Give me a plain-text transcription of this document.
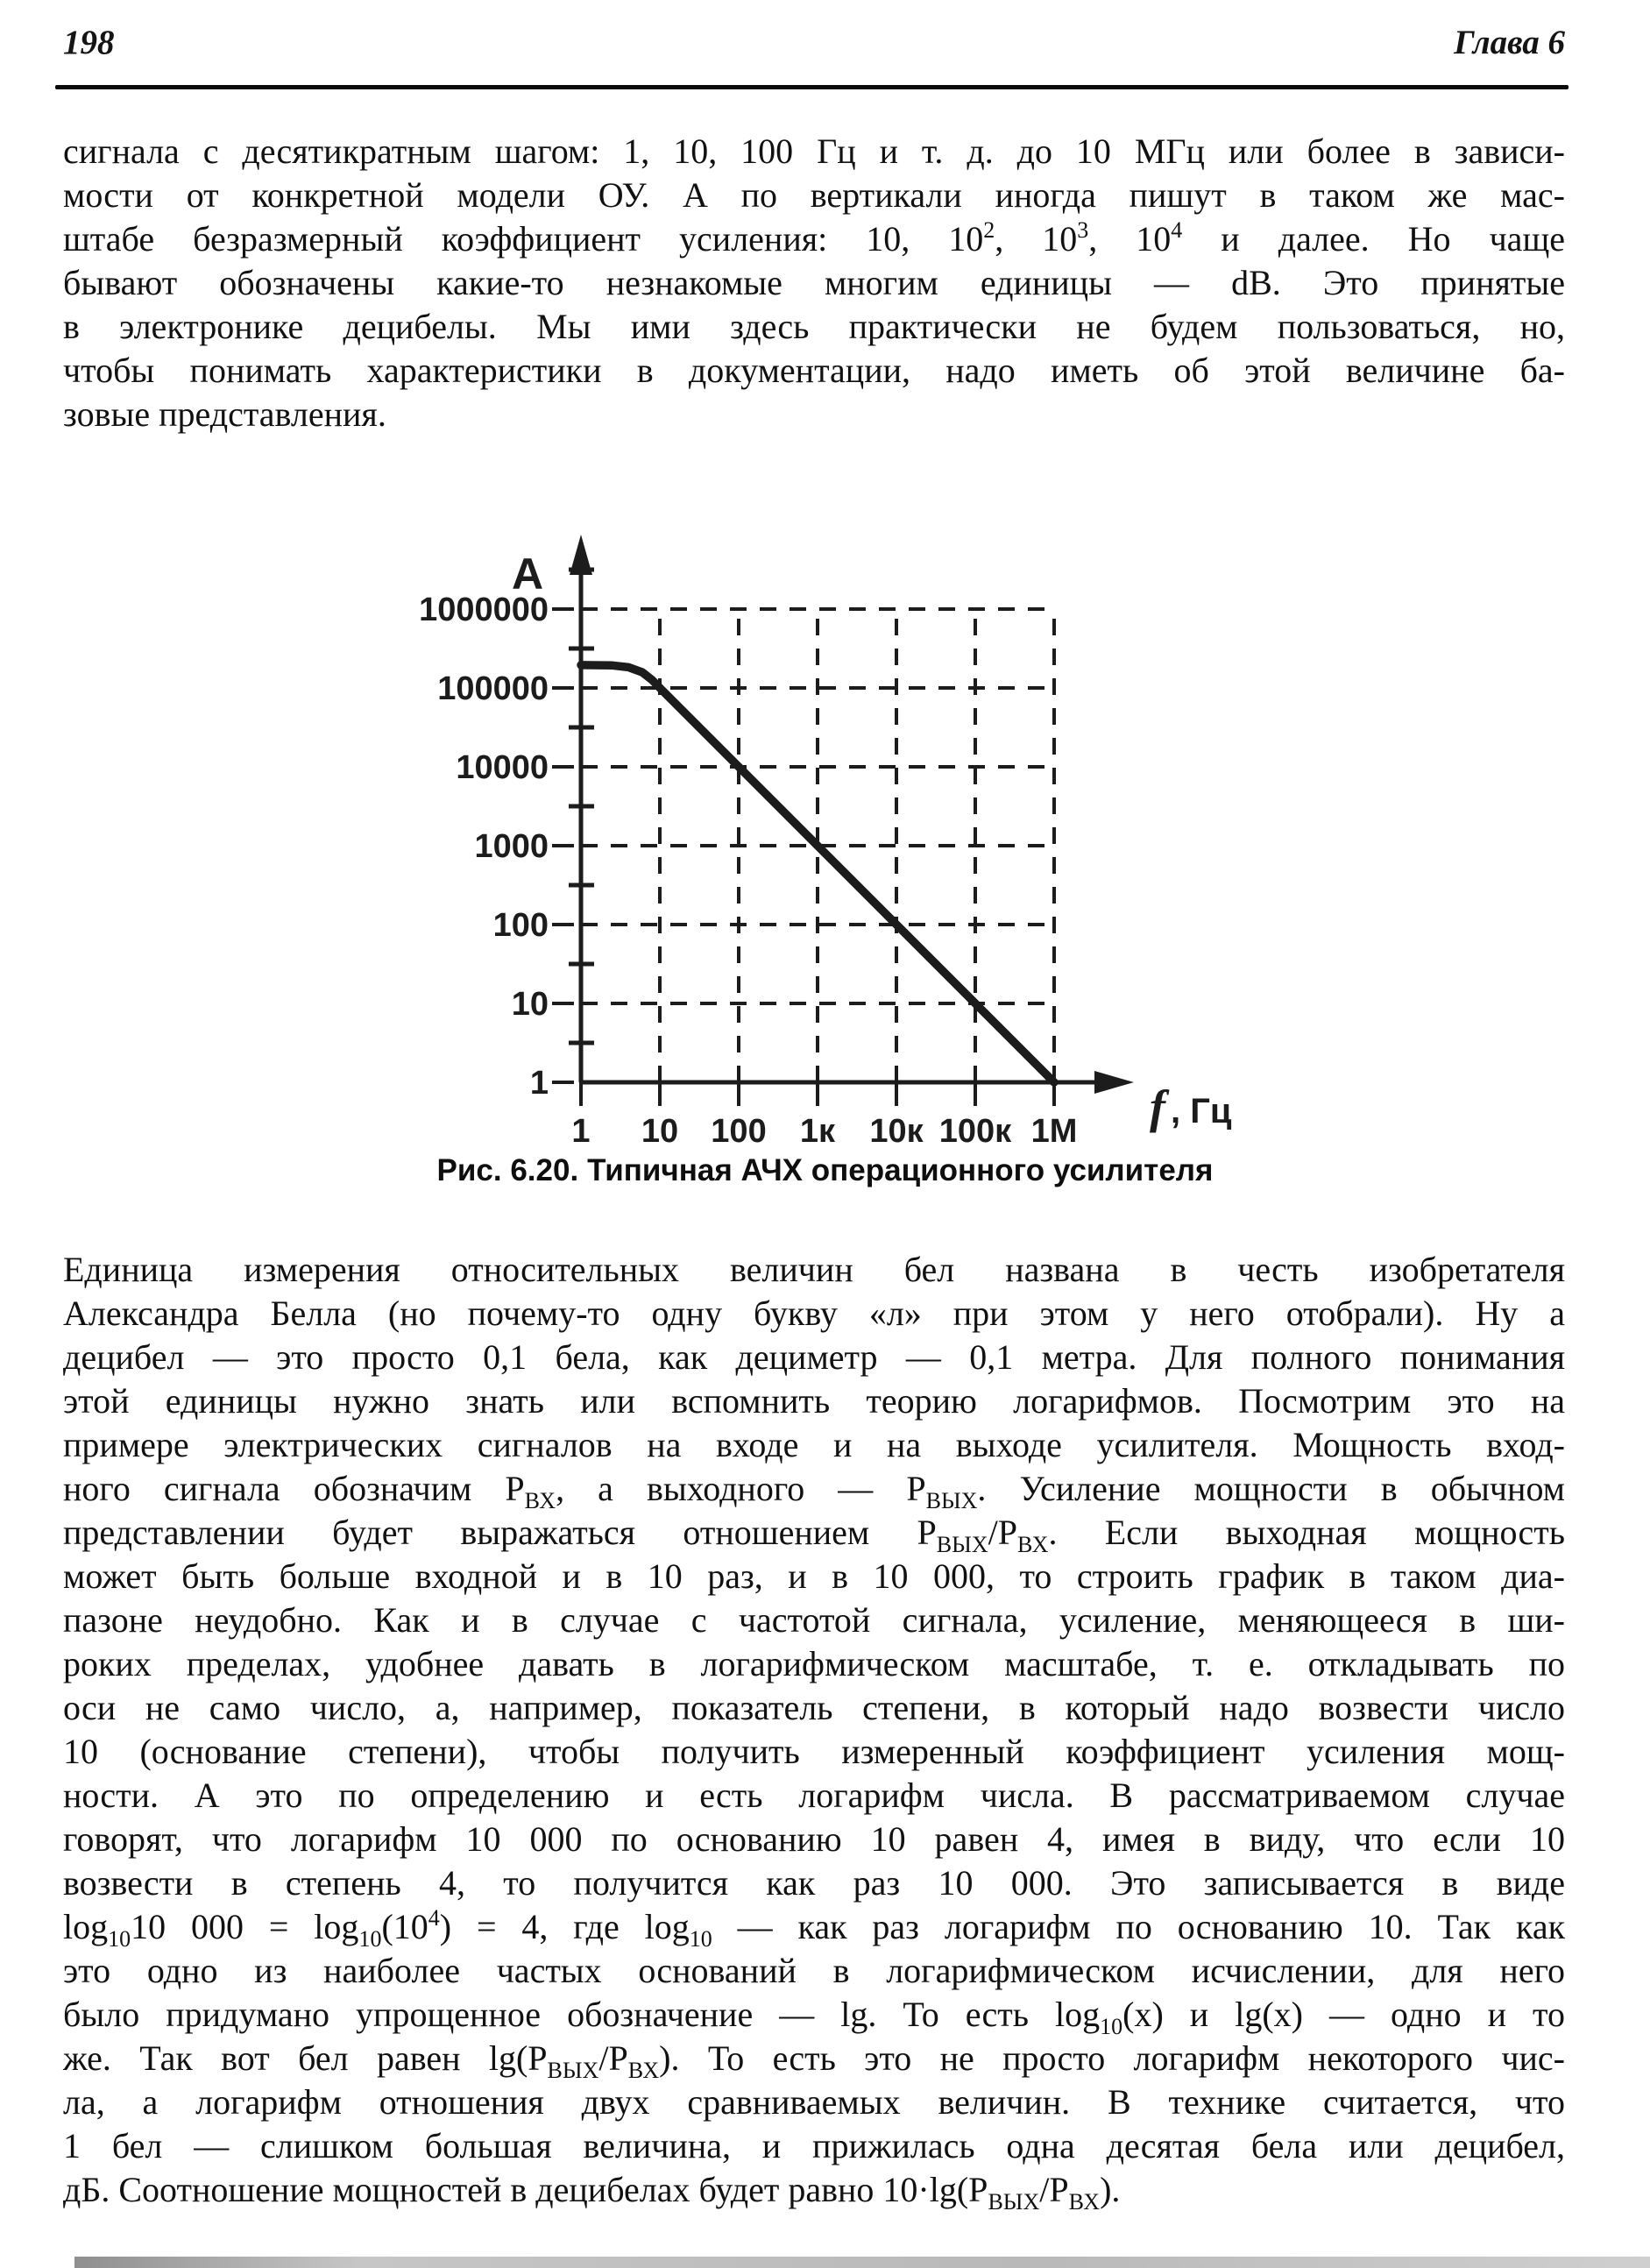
198	Глава 6
сигнала с десятикратным шагом: 1, 10, 100 Гц и т. д. до 10 МГц или более в зависи-
мости от конкретной модели ОУ. А по вертикали иногда пишут в таком же мас-
штабе безразмерный коэффициент усиления: 10, $10^2$, $10^3$, $10^4$ и далее. Но чаще
бывают обозначены какие-то незнакомые многим единицы — dB. Это принятые
в электронике децибелы. Мы ими здесь практически не будем пользоваться, но,
чтобы понимать характеристики в документации, надо иметь об этой величине ба-
зовые представления.
1
10
100
1000
10000
100000
1000000
1 10 100 1к 10к 100к 1М
A
f , Гц
Рис. 6.20. Типичная АЧХ операционного усилителя
Единица измерения относительных величин бел названа в честь изобретателя
Александра Белла (но почему-то одну букву «л» при этом у него отобрали). Ну а
децибел — это просто 0,1 бела, как дециметр — 0,1 метра. Для полного понимания
этой единицы нужно знать или вспомнить теорию логарифмов. Посмотрим это на
примере электрических сигналов на входе и на выходе усилителя. Мощность вход-
ного сигнала обозначим $P_{ВХ}$, а выходного — $P_{ВЫХ}$. Усиление мощности в обычном
представлении будет выражаться отношением $P_{ВЫХ}/P_{ВХ}$. Если выходная мощность
может быть больше входной и в 10 раз, и в 10 000, то строить график в таком диа-
пазоне неудобно. Как и в случае с частотой сигнала, усиление, меняющееся в ши-
роких пределах, удобнее давать в логарифмическом масштабе, т. е. откладывать по
оси не само число, а, например, показатель степени, в который надо возвести число
10 (основание степени), чтобы получить измеренный коэффициент усиления мощ-
ности. А это по определению и есть логарифм числа. В рассматриваемом случае
говорят, что логарифм 10 000 по основанию 10 равен 4, имея в виду, что если 10
возвести в степень 4, то получится как раз 10 000. Это записывается в виде
$\log_{10}10$ $000 = \log_{10}(10^4) = 4$, где $\log_{10}$ — как раз логарифм по основанию 10. Так как
это одно из наиболее частых оснований в логарифмическом исчислении, для него
было придумано упрощенное обозначение — lg. То есть $\log_{10}(x)$ и lg(x) — одно и то
же. Так вот бел равен $\lg(P_{ВЫХ}/P_{ВХ})$. То есть это не просто логарифм некоторого чис-
ла, а логарифм отношения двух сравниваемых величин. В технике считается, что
1 бел — слишком большая величина, и прижилась одна десятая бела или децибел,
дБ. Соотношение мощностей в децибелах будет равно $10\cdot\lg(P_{ВЫХ}/P_{ВХ})$.
